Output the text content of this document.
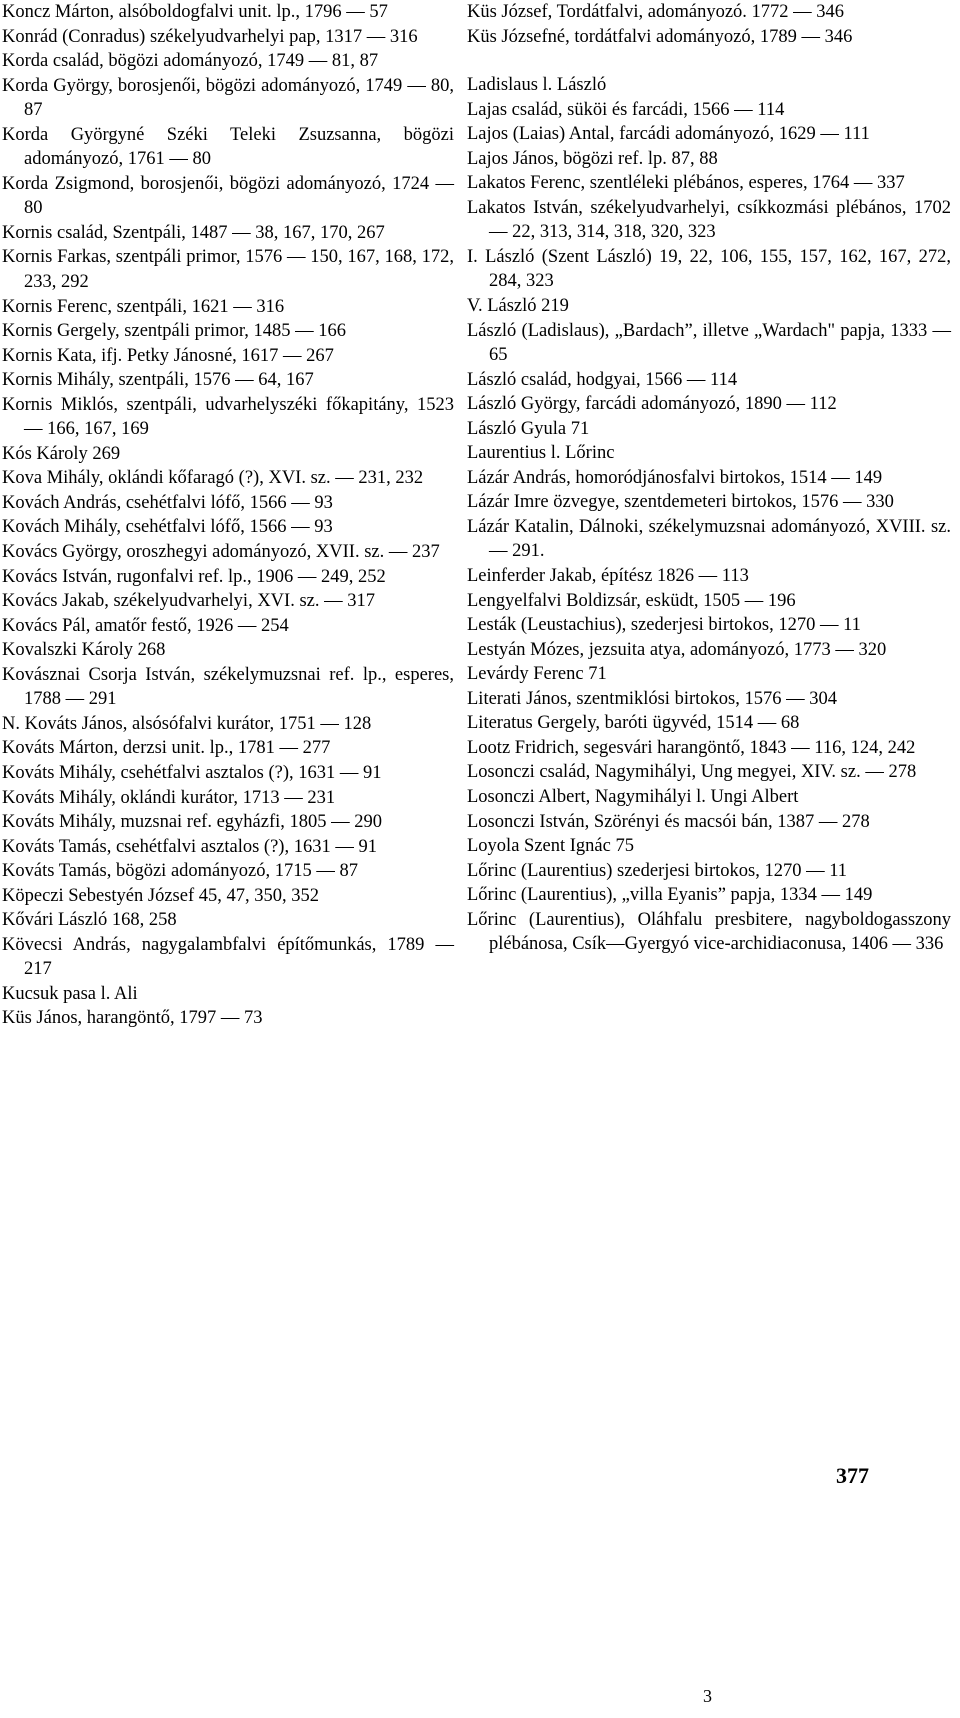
Koncz Márton, alsóboldogfalvi unit. lp., 1796 — 57
Konrád (Conradus) székelyudvarhelyi pap, 1317 — 316
Korda család, bögözi adományozó, 1749 — 81, 87
Korda György, borosjenői, bögözi adományozó, 1749 — 80, 87
Korda Györgyné Széki Teleki Zsuzsanna, bögözi adományozó, 1761 — 80
Korda Zsigmond, borosjenői, bögözi adományozó, 1724 — 80
Kornis család, Szentpáli, 1487 — 38, 167, 170, 267
Kornis Farkas, szentpáli primor, 1576 — 150, 167, 168, 172, 233, 292
Kornis Ferenc, szentpáli, 1621 — 316
Kornis Gergely, szentpáli primor, 1485 — 166
Kornis Kata, ifj. Petky Jánosné, 1617 — 267
Kornis Mihály, szentpáli, 1576 — 64, 167
Kornis Miklós, szentpáli, udvarhelyszéki főkapitány, 1523 — 166, 167, 169
Kós Károly 269
Kova Mihály, oklándi kőfaragó (?), XVI. sz. — 231, 232
Kovách András, csehétfalvi lófő, 1566 — 93
Kovách Mihály, csehétfalvi lófő, 1566 — 93
Kovács György, oroszhegyi adományozó, XVII. sz. — 237
Kovács István, rugonfalvi ref. lp., 1906 — 249, 252
Kovács Jakab, székelyudvarhelyi, XVI. sz. — 317
Kovács Pál, amatőr festő, 1926 — 254
Kovalszki Károly 268
Kovásznai Csorja István, székelymuzsnai ref. lp., esperes, 1788 — 291
N. Kováts János, alsósófalvi kurátor, 1751 — 128
Kováts Márton, derzsi unit. lp., 1781 — 277
Kováts Mihály, csehétfalvi asztalos (?), 1631 — 91
Kováts Mihály, oklándi kurátor, 1713 — 231
Kováts Mihály, muzsnai ref. egyházfi, 1805 — 290
Kováts Tamás, csehétfalvi asztalos (?), 1631 — 91
Kováts Tamás, bögözi adományozó, 1715 — 87
Köpeczi Sebestyén József 45, 47, 350, 352
Kővári László 168, 258
Kövecsi András, nagygalambfalvi építőmunkás, 1789 — 217
Kucsuk pasa l. Ali
Küs János, harangöntő, 1797 — 73
Küs József, Tordátfalvi, adományozó. 1772 — 346
Küs Józsefné, tordátfalvi adományozó, 1789 — 346
Ladislaus l. László
Lajas család, süköi és farcádi, 1566 — 114
Lajos (Laias) Antal, farcádi adományozó, 1629 — 111
Lajos János, bögözi ref. lp. 87, 88
Lakatos Ferenc, szentléleki plébános, esperes, 1764 — 337
Lakatos István, székelyudvarhelyi, csíkkozmási plébános, 1702 — 22, 313, 314, 318, 320, 323
I. László (Szent László) 19, 22, 106, 155, 157, 162, 167, 272, 284, 323
V. László 219
László (Ladislaus), „Bardach”, illetve „Wardach" papja, 1333 — 65
László család, hodgyai, 1566 — 114
László György, farcádi adományozó, 1890 — 112
László Gyula 71
Laurentius l. Lőrinc
Lázár András, homoródjánosfalvi birtokos, 1514 — 149
Lázár Imre özvegye, szentdemeteri birtokos, 1576 — 330
Lázár Katalin, Dálnoki, székelymuzsnai adományozó, XVIII. sz. — 291.
Leinferder Jakab, építész 1826 — 113
Lengyelfalvi Boldizsár, esküdt, 1505 — 196
Lesták (Leustachius), szederjesi birtokos, 1270 — 11
Lestyán Mózes, jezsuita atya, adományozó, 1773 — 320
Levárdy Ferenc 71
Literati János, szentmiklósi birtokos, 1576 — 304
Literatus Gergely, baróti ügyvéd, 1514 — 68
Lootz Fridrich, segesvári harangöntő, 1843 — 116, 124, 242
Losonczi család, Nagymihályi, Ung megyei, XIV. sz. — 278
Losonczi Albert, Nagymihályi l. Ungi Albert
Losonczi István, Szörényi és macsói bán, 1387 — 278
Loyola Szent Ignác 75
Lőrinc (Laurentius) szederjesi birtokos, 1270 — 11
Lőrinc (Laurentius), „villa Eyanis” papja, 1334 — 149
Lőrinc (Laurentius), Oláhfalu presbitere, nagyboldogasszony plébánosa, Csík—Gyergyó vice-archidiaconusa, 1406 — 336
377
3
